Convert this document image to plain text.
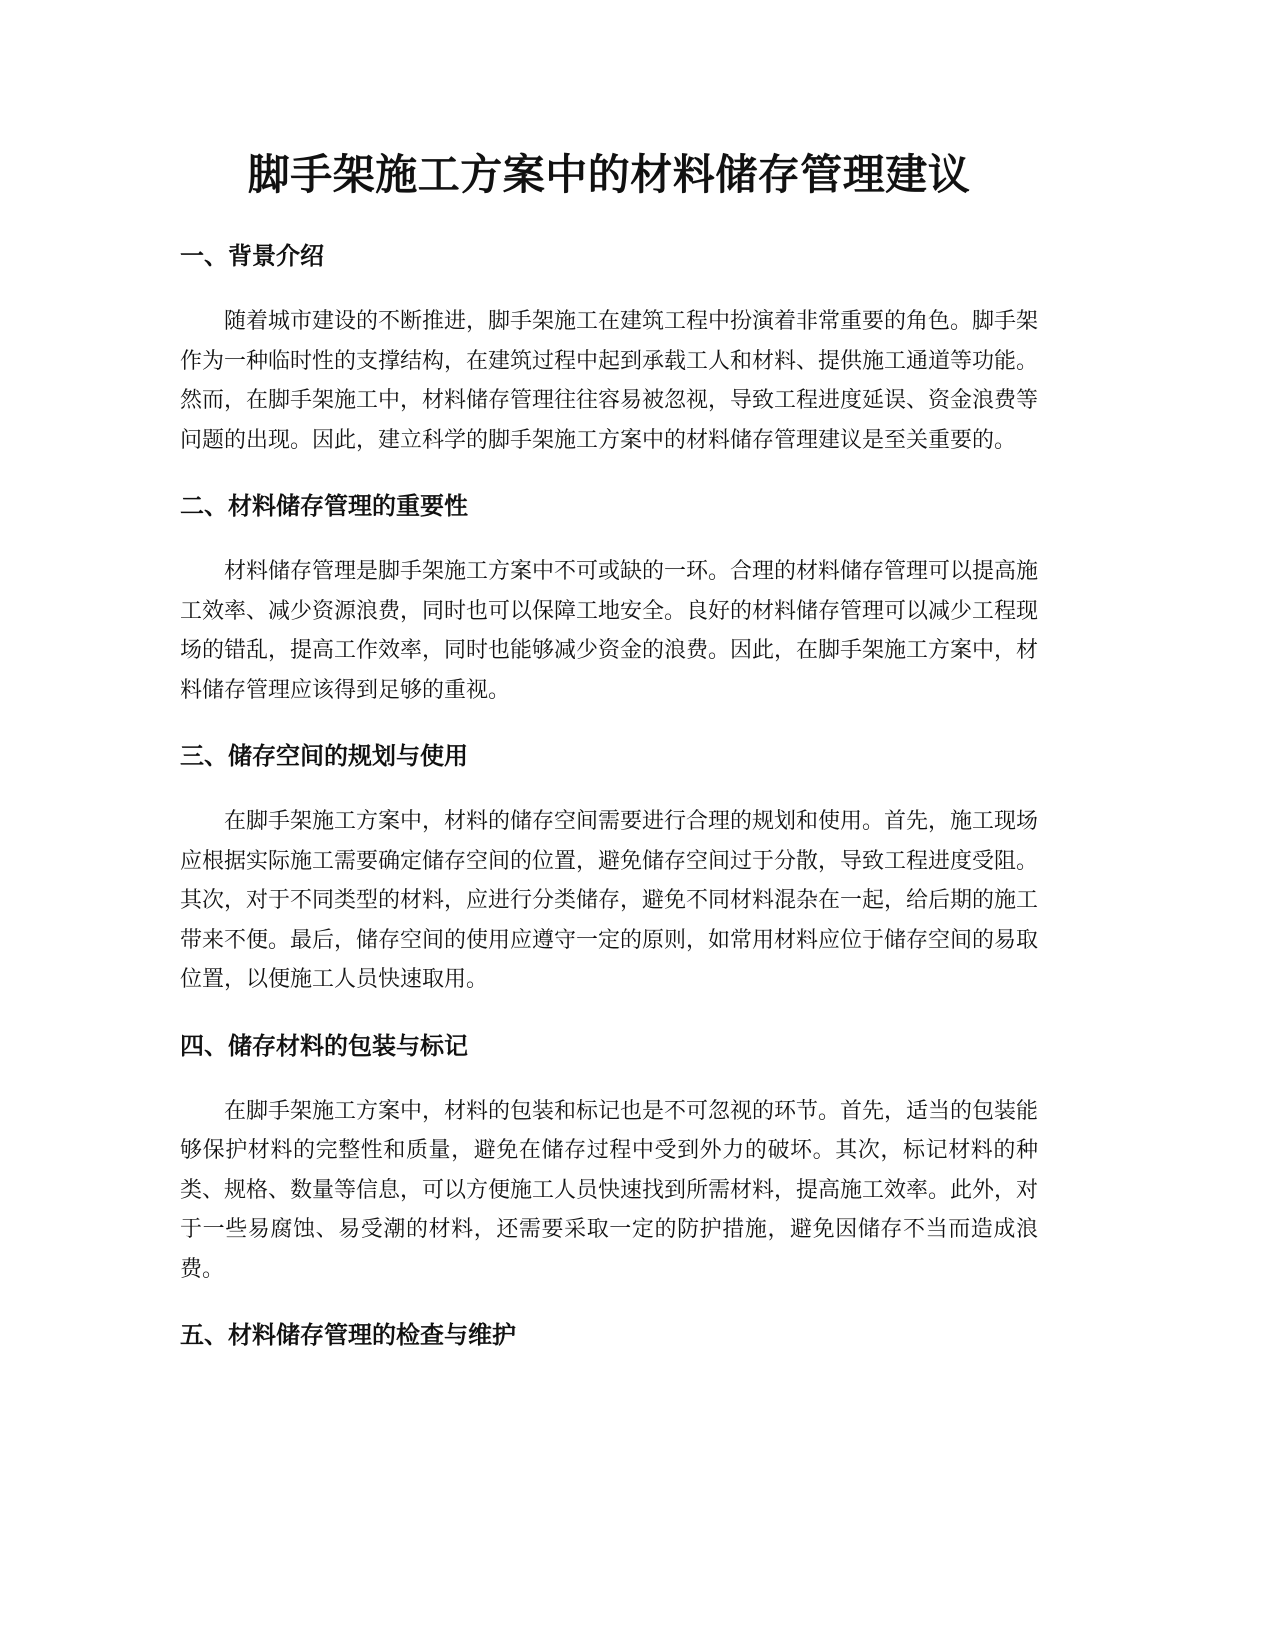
脚手架施工方案中的材料储存管理建议
一、背景介绍

随着城市建设的不断推进，脚手架施工在建筑工程中扮演着非常重要的角色。脚手架作为一种临时性的支撑结构，在建筑过程中起到承载工人和材料、提供施工通道等功能。然而，在脚手架施工中，材料储存管理往往容易被忽视，导致工程进度延误、资金浪费等问题的出现。因此，建立科学的脚手架施工方案中的材料储存管理建议是至关重要的。

二、材料储存管理的重要性

材料储存管理是脚手架施工方案中不可或缺的一环。合理的材料储存管理可以提高施工效率、减少资源浪费，同时也可以保障工地安全。良好的材料储存管理可以减少工程现场的错乱，提高工作效率，同时也能够减少资金的浪费。因此，在脚手架施工方案中，材料储存管理应该得到足够的重视。

三、储存空间的规划与使用

在脚手架施工方案中，材料的储存空间需要进行合理的规划和使用。首先，施工现场应根据实际施工需要确定储存空间的位置，避免储存空间过于分散，导致工程进度受阻。其次，对于不同类型的材料，应进行分类储存，避免不同材料混杂在一起，给后期的施工带来不便。最后，储存空间的使用应遵守一定的原则，如常用材料应位于储存空间的易取位置，以便施工人员快速取用。

四、储存材料的包装与标记

在脚手架施工方案中，材料的包装和标记也是不可忽视的环节。首先，适当的包装能够保护材料的完整性和质量，避免在储存过程中受到外力的破坏。其次，标记材料的种类、规格、数量等信息，可以方便施工人员快速找到所需材料，提高施工效率。此外，对于一些易腐蚀、易受潮的材料，还需要采取一定的防护措施，避免因储存不当而造成浪费。

五、材料储存管理的检查与维护
